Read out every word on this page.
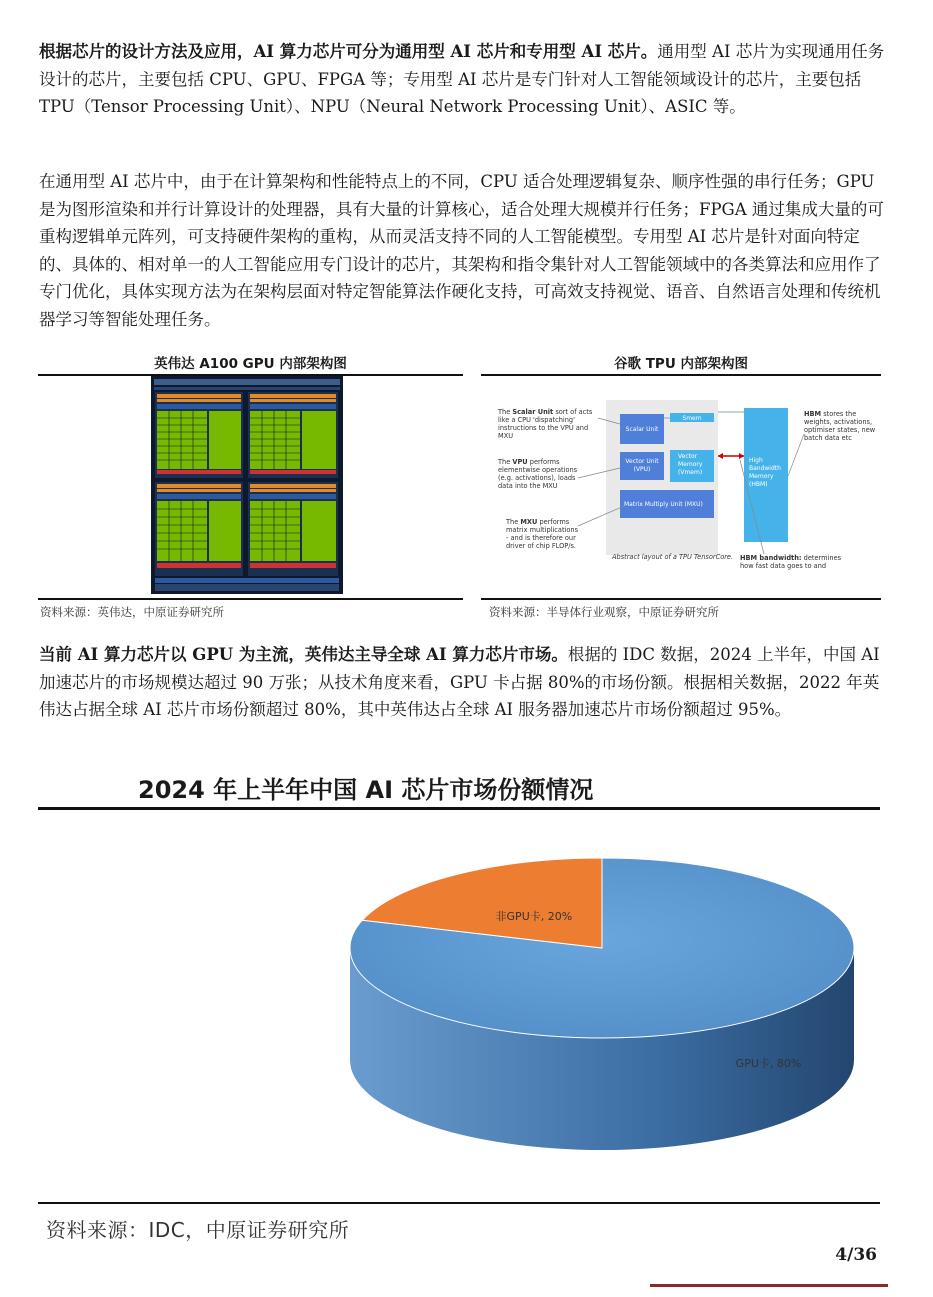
根据芯片的设计方法及应用，AI 算力芯片可分为通用型 AI 芯片和专用型 AI 芯片。通用型 AI 芯片为实现通用任务设计的芯片，主要包括 CPU、GPU、FPGA 等；专用型 AI 芯片是专门针对人工智能领域设计的芯片，主要包括 TPU（Tensor Processing Unit）、NPU（Neural Network Processing Unit）、ASIC 等。

在通用型 AI 芯片中，由于在计算架构和性能特点上的不同，CPU 适合处理逻辑复杂、顺序性强的串行任务；GPU 是为图形渲染和并行计算设计的处理器，具有大量的计算核心，适合处理大规模并行任务；FPGA 通过集成大量的可重构逻辑单元阵列，可支持硬件架构的重构，从而灵活支持不同的人工智能模型。专用型 AI 芯片是针对面向特定的、具体的、相对单一的人工智能应用专门设计的芯片，其架构和指令集针对人工智能领域中的各类算法和应用作了专门优化，具体实现方法为在架构层面对特定智能算法作硬化支持，可高效支持视觉、语音、自然语言处理和传统机器学习等智能处理任务。

英伟达 A100 GPU 内部架构图	谷歌 TPU 内部架构图
Scalar Unit
Smem
Vector Unit
(VPU)
Vector
Memory
(Vmem)
Matrix Multiply Unit (MXU)
High
Bandwidth
Memory
(HBM)
The Scalar Unit sort of acts
like a CPU 'dispatching'
instructions to the VPU and
MXU
The VPU performs
elementwise operations
(e.g. activations), loads
data into the MXU
The MXU performs
matrix multiplications
- and is therefore our
driver of chip FLOP/s.
HBM stores the
weights, activations,
optimiser states, new
batch data etc
Abstract layout of a TPU TensorCore. HBM bandwidth: determines
how fast data goes to and
资料来源：英伟达，中原证券研究所	资料来源：半导体行业观察，中原证券研究所

当前 AI 算力芯片以 GPU 为主流，英伟达主导全球 AI 算力芯片市场。根据的 IDC 数据，2024 上半年，中国 AI 加速芯片的市场规模达超过 90 万张；从技术角度来看，GPU 卡占据 80%的市场份额。根据相关数据，2022 年英伟达占据全球 AI 芯片市场份额超过 80%，其中英伟达占全球 AI 服务器加速芯片市场份额超过 95%。

2024 年上半年中国 AI 芯片市场份额情况
GPU卡, 80%
非GPU卡, 20%
资料来源：IDC，中原证券研究所
4/36
